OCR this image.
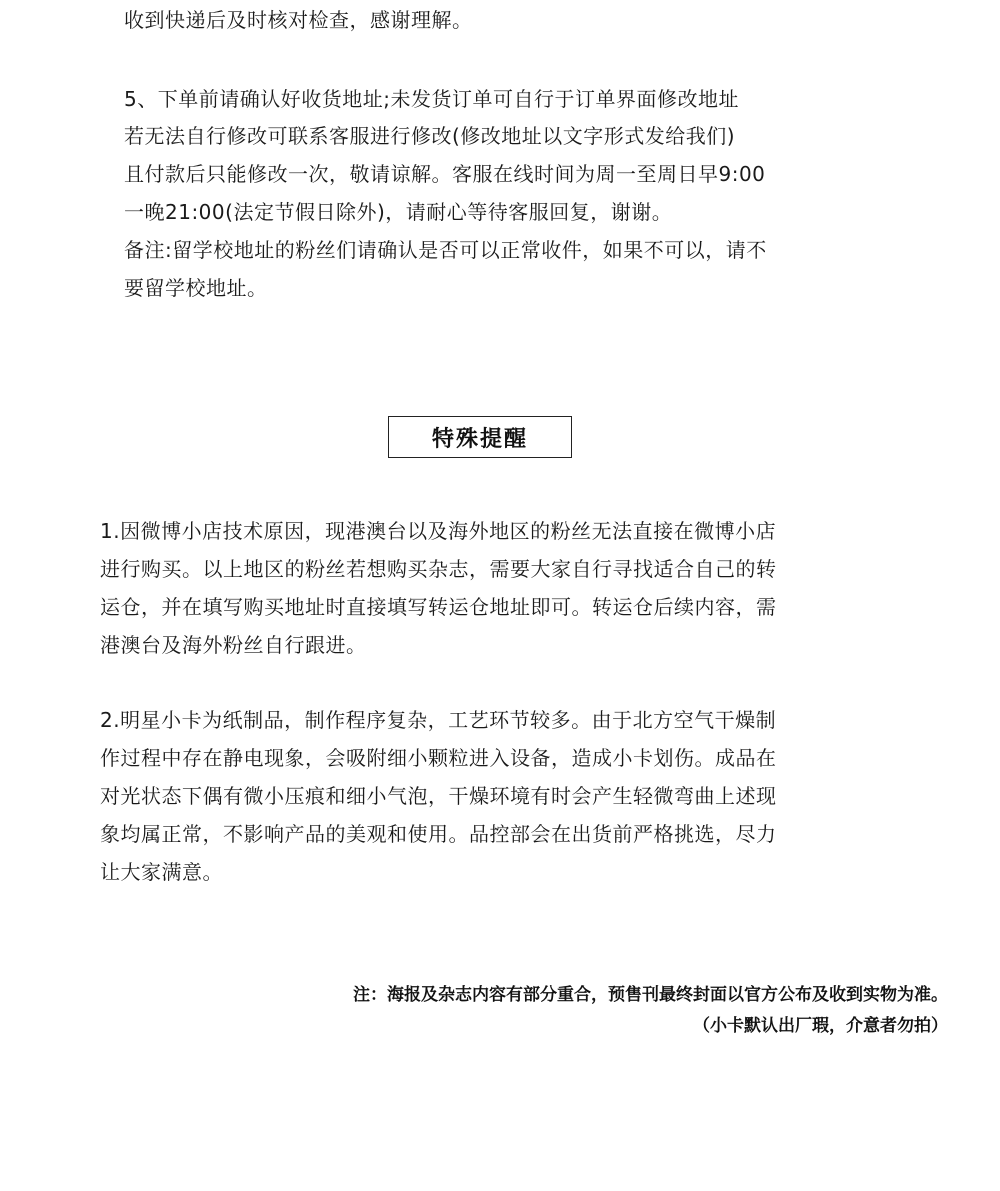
收到快递后及时核对检查，感谢理解。
5、下单前请确认好收货地址;未发货订单可自行于订单界面修改地址
若无法自行修改可联系客服进行修改(修改地址以文字形式发给我们)
且付款后只能修改一次，敬请谅解。客服在线时间为周一至周日早9:00
一晚21:00(法定节假日除外)，请耐心等待客服回复，谢谢。
备注:留学校地址的粉丝们请确认是否可以正常收件，如果不可以，请不
要留学校地址。
特殊提醒
1.因微博小店技术原因，现港澳台以及海外地区的粉丝无法直接在微博小店
进行购买。以上地区的粉丝若想购买杂志，需要大家自行寻找适合自己的转
运仓，并在填写购买地址时直接填写转运仓地址即可。转运仓后续内容，需
港澳台及海外粉丝自行跟进。
2.明星小卡为纸制品，制作程序复杂，工艺环节较多。由于北方空气干燥制
作过程中存在静电现象，会吸附细小颗粒进入设备，造成小卡划伤。成品在
对光状态下偶有微小压痕和细小气泡，干燥环境有时会产生轻微弯曲上述现
象均属正常，不影响产品的美观和使用。品控部会在出货前严格挑选，尽力
让大家满意。
注：海报及杂志内容有部分重合，预售刊最终封面以官方公布及收到实物为准。
（小卡默认出厂瑕，介意者勿拍）
